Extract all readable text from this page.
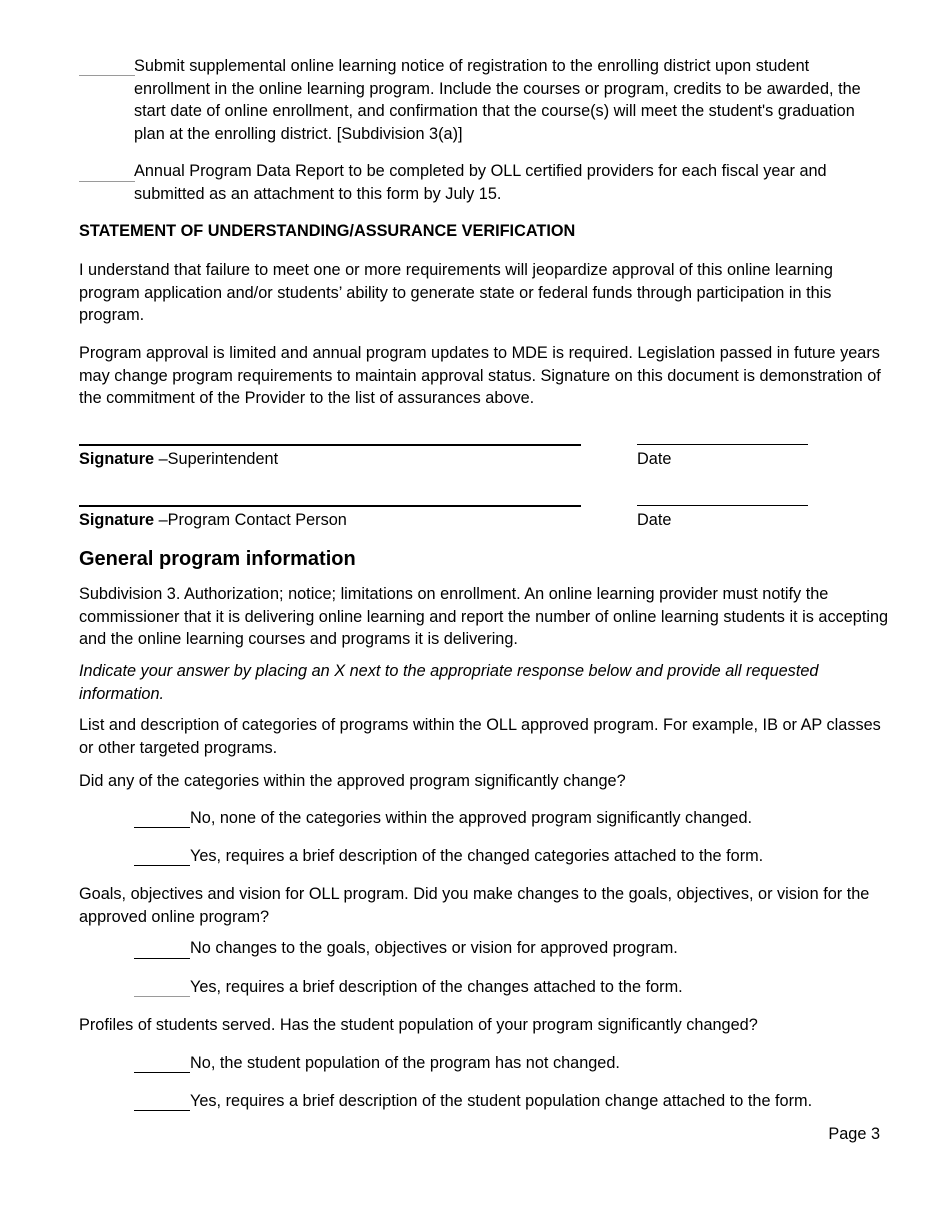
Submit supplemental online learning notice of registration to the enrolling district upon student enrollment in the online learning program. Include the courses or program, credits to be awarded, the start date of online enrollment, and confirmation that the course(s) will meet the student's graduation plan at the enrolling district. [Subdivision 3(a)]

Annual Program Data Report to be completed by OLL certified providers for each fiscal year and submitted as an attachment to this form by July 15.

STATEMENT OF UNDERSTANDING/ASSURANCE VERIFICATION

I understand that failure to meet one or more requirements will jeopardize approval of this online learning program application and/or students’ ability to generate state or federal funds through participation in this program.

Program approval is limited and annual program updates to MDE is required. Legislation passed in future years may change program requirements to maintain approval status. Signature on this document is demonstration of the commitment of the Provider to the list of assurances above.

Signature –Superintendent	Date

Signature –Program Contact Person	Date

General program information

Subdivision 3. Authorization; notice; limitations on enrollment. An online learning provider must notify the commissioner that it is delivering online learning and report the number of online learning students it is accepting and the online learning courses and programs it is delivering.

Indicate your answer by placing an X next to the appropriate response below and provide all requested information.

List and description of categories of programs within the OLL approved program. For example, IB or AP classes or other targeted programs.

Did any of the categories within the approved program significantly change?

No, none of the categories within the approved program significantly changed.

Yes, requires a brief description of the changed categories attached to the form.

Goals, objectives and vision for OLL program. Did you make changes to the goals, objectives, or vision for the approved online program?

No changes to the goals, objectives or vision for approved program.

Yes, requires a brief description of the changes attached to the form.

Profiles of students served. Has the student population of your program significantly changed?

No, the student population of the program has not changed.

Yes, requires a brief description of the student population change attached to the form.

Page 3
